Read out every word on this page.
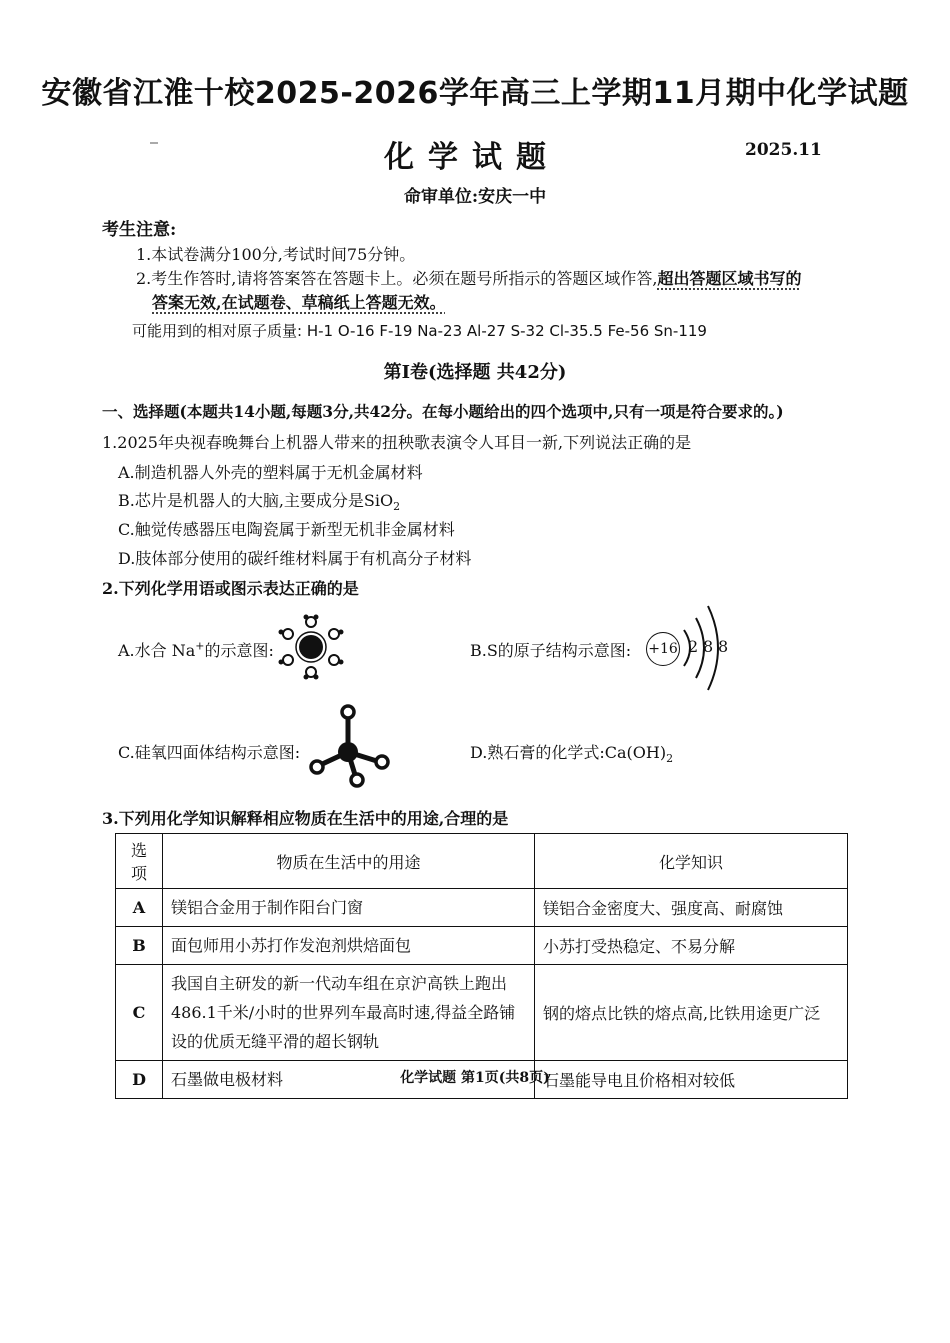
安徽省江淮十校2025-2026学年高三上学期11月期中化学试题
化学试题	2025.11
命审单位:安庆一中
考生注意:
1.本试卷满分100分,考试时间75分钟。
2.考生作答时,请将答案答在答题卡上。必须在题号所指示的答题区域作答,超出答题区域书写的
答案无效,在试题卷、草稿纸上答题无效。
可能用到的相对原子质量: H-1 O-16 F-19 Na-23 Al-27 S-32 Cl-35.5 Fe-56 Sn-119
第Ⅰ卷(选择题 共42分)
一、选择题(本题共14小题,每题3分,共42分。在每小题给出的四个选项中,只有一项是符合要求的。)
1.2025年央视春晚舞台上机器人带来的扭秧歌表演令人耳目一新,下列说法正确的是
A.制造机器人外壳的塑料属于无机金属材料
B.芯片是机器人的大脑,主要成分是SiO$_2$
C.触觉传感器压电陶瓷属于新型无机非金属材料
D.肢体部分使用的碳纤维材料属于有机高分子材料
2.下列化学用语或图示表达正确的是
A.水合 Na+的示意图:	B.S的原子结构示意图: +16 2 8 8
C.硅氧四面体结构示意图:	D.熟石膏的化学式$:Ca(OH)_2$
3.下列用化学知识解释相应物质在生活中的用途,合理的是
选项	物质在生活中的用途	化学知识
A	镁铝合金用于制作阳台门窗	镁铝合金密度大、强度高、耐腐蚀
B	面包师用小苏打作发泡剂烘焙面包	小苏打受热稳定、不易分解
C	我国自主研发的新一代动车组在京沪高铁上跑出486.1千米/小时的世界列车最高时速,得益全路铺设的优质无缝平滑的超长钢轨	钢的熔点比铁的熔点高,比铁用途更广泛
D	石墨做电极材料	石墨能导电且价格相对较低
化学试题 第1页(共8页)
